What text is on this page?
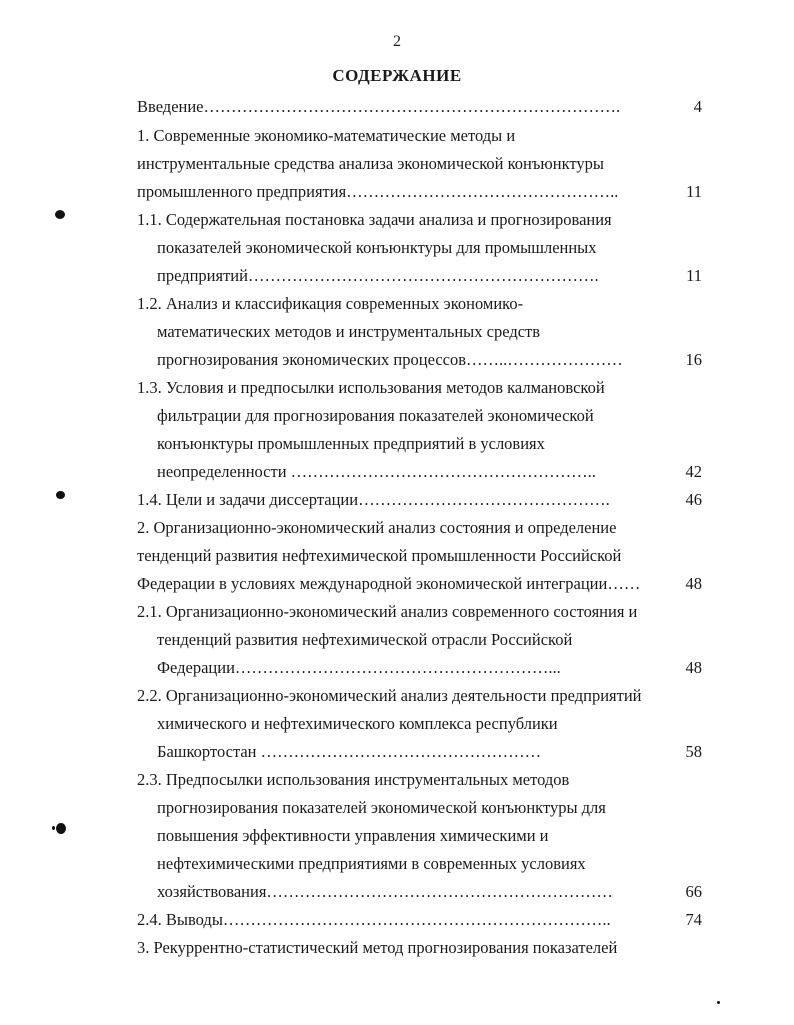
2
СОДЕРЖАНИЕ
Введение………………………………………………………………….	4
1. Современные экономико-математические методы и
инструментальные средства анализа экономической конъюнктуры
промышленного предприятия…………………………………………..	11
1.1. Содержательная постановка задачи анализа и прогнозирования
показателей экономической конъюнктуры для промышленных
предприятий……………………………………………………….	11
1.2. Анализ и классификация современных экономико-
математических методов и инструментальных средств
прогнозирования экономических процессов……..…………………	16
1.3. Условия и предпосылки использования методов калмановской
фильтрации для прогнозирования показателей экономической
конъюнктуры промышленных предприятий в условиях
неопределенности ………………………………………………..	42
1.4. Цели и задачи диссертации……………………………………….	46
2. Организационно-экономический анализ состояния и определение
тенденций развития нефтехимической промышленности Российской
Федерации в условиях международной экономической интеграции……	48
2.1. Организационно-экономический анализ современного состояния и
тенденций развития нефтехимической отрасли Российской
Федерации…………………………………………………...	48
2.2. Организационно-экономический анализ деятельности предприятий
химического и нефтехимического комплекса республики
Башкортостан ……………………………………………	58
2.3. Предпосылки использования инструментальных методов
прогнозирования показателей экономической конъюнктуры для
повышения эффективности управления химическими и
нефтехимическими предприятиями в современных условиях
хозяйствования………………………………………………………	66
2.4. Выводы……………………………………………………………..	74
3. Рекуррентно-статистический метод прогнозирования показателей
